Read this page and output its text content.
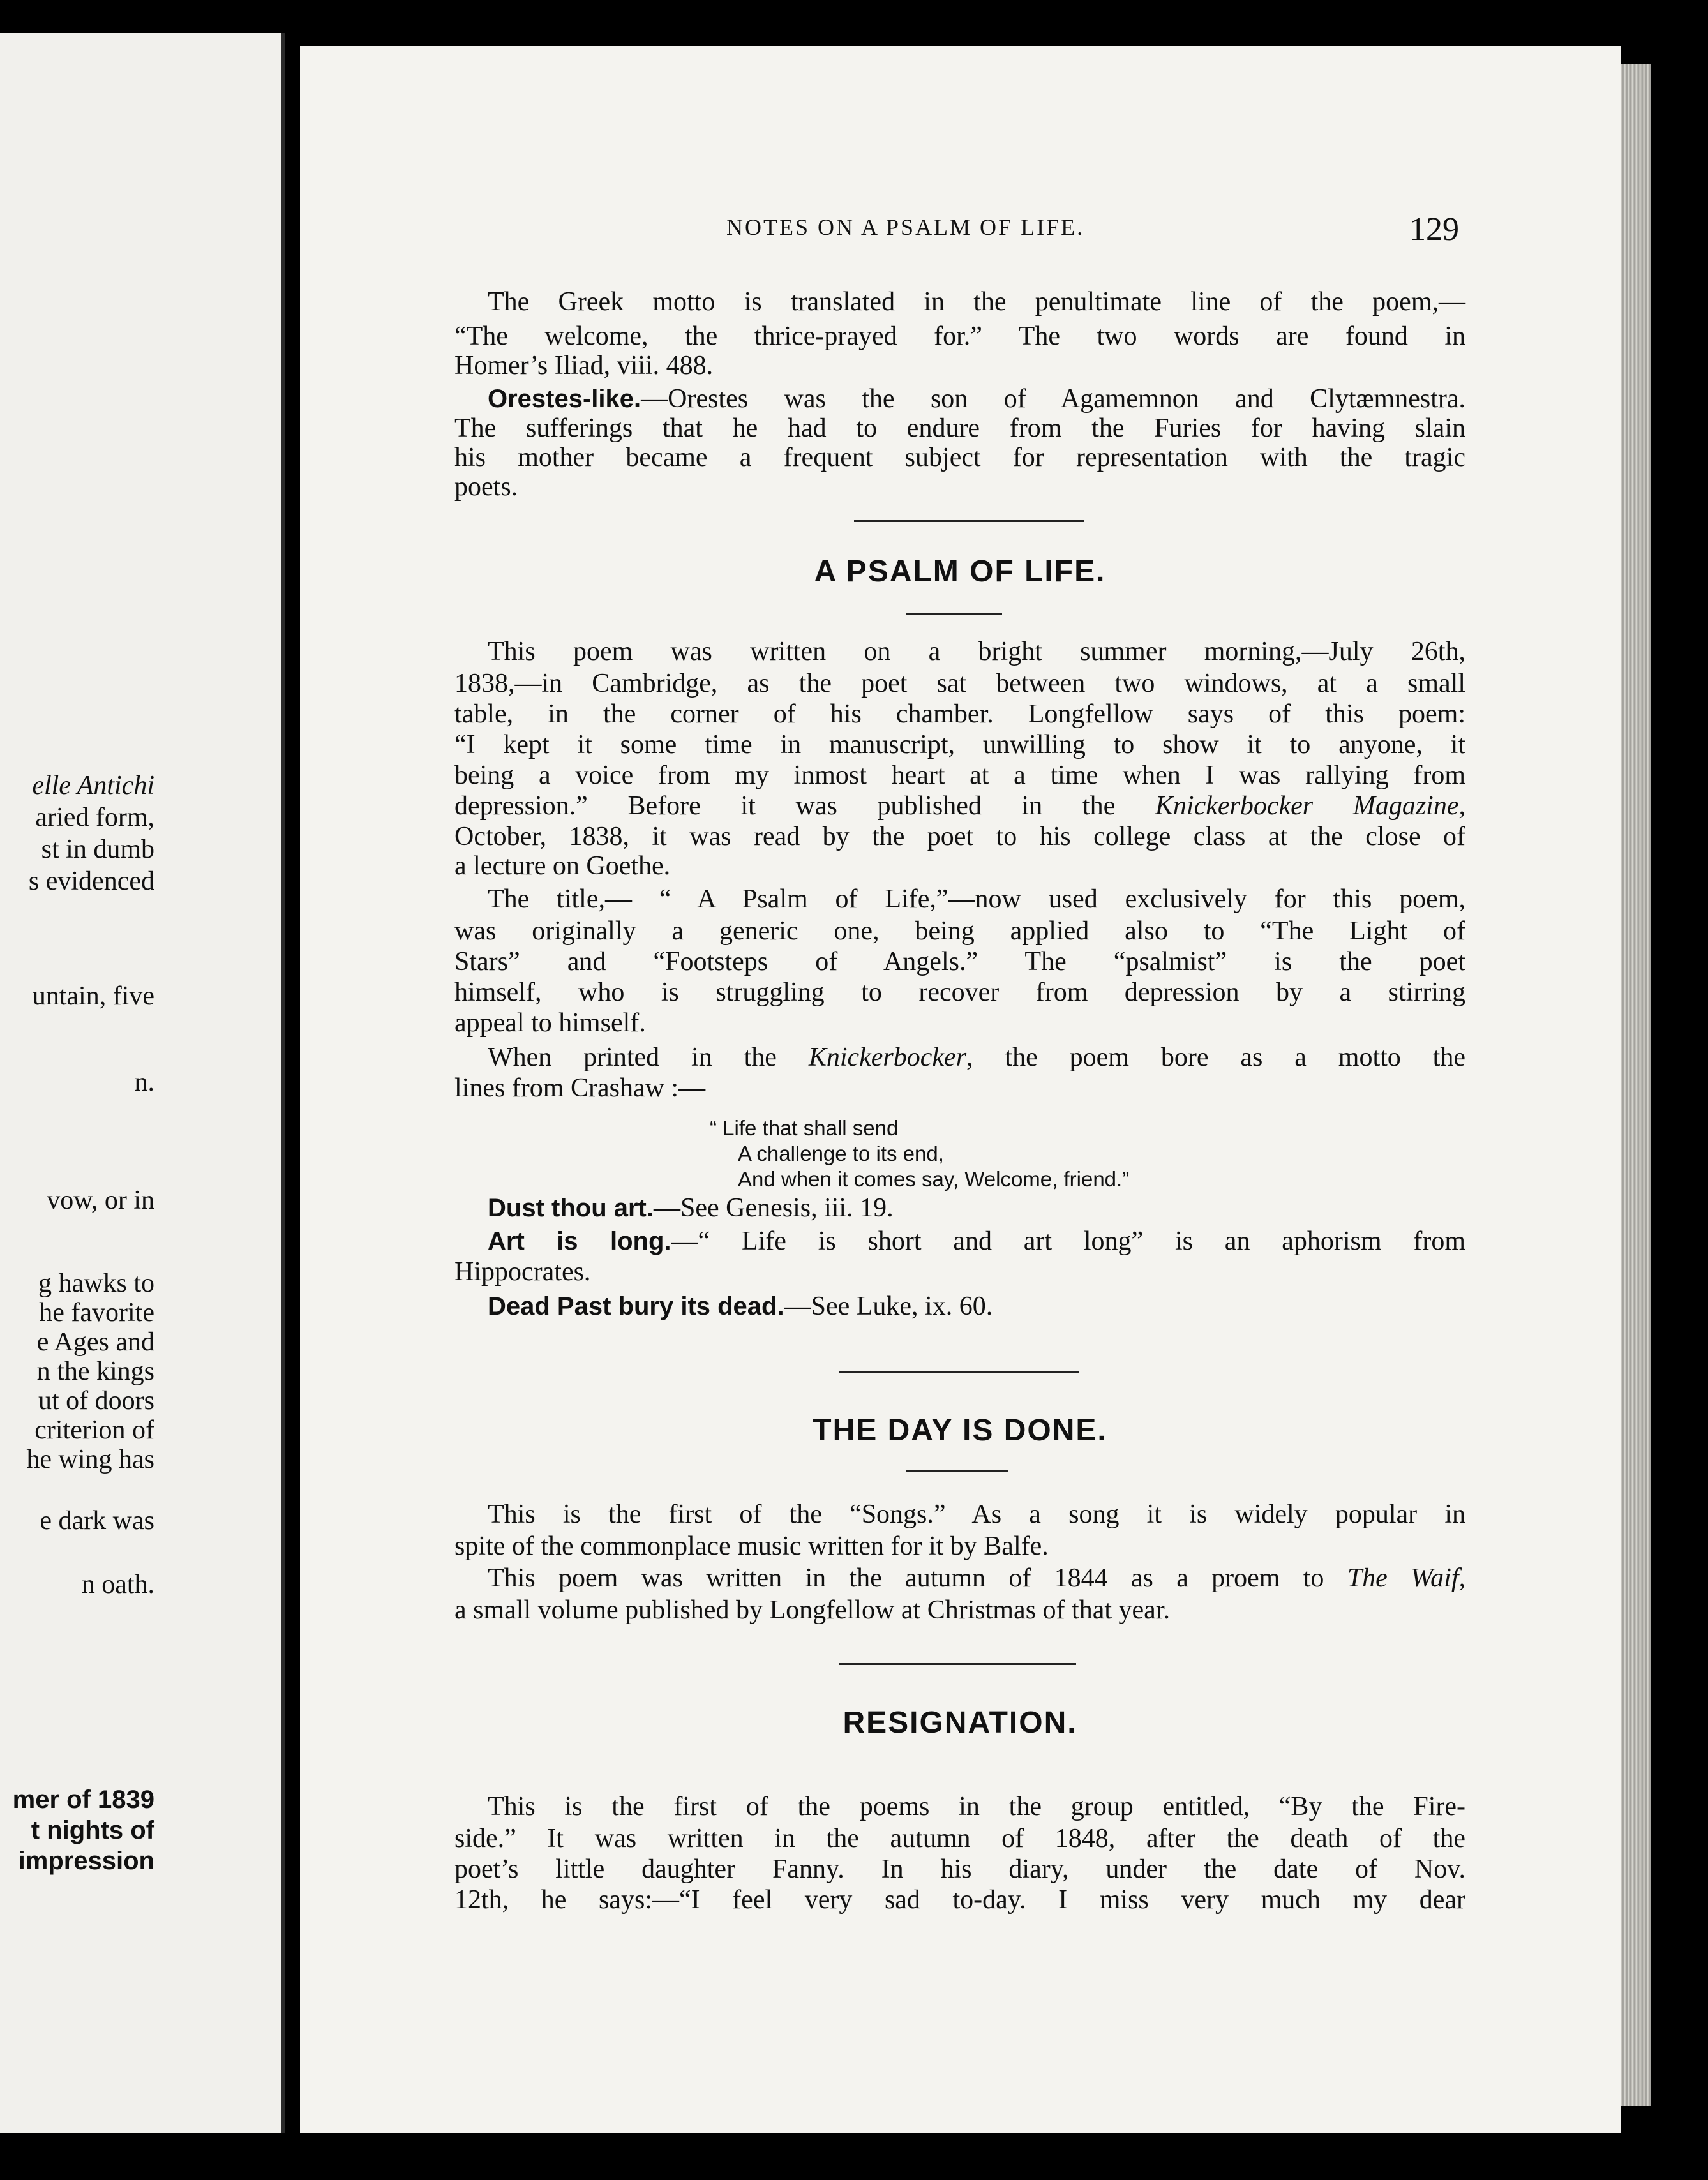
elle Antichi
aried form,
st in dumb
s evidenced
untain, five
n.
vow, or in
g hawks to
he favorite
e Ages and
n the kings
ut of doors
criterion of
he wing has
e dark was
n oath.
mer of 1839
t nights of
impression
NOTES ON A PSALM OF LIFE.	129
The Greek motto is translated in the penultimate line of the poem,—
“The welcome, the thrice-prayed for.” The two words are found in
Homer’s Iliad, viii. 488.
Orestes-like.—Orestes was the son of Agamemnon and Clytæmnestra.
The sufferings that he had to endure from the Furies for having slain
his mother became a frequent subject for representation with the tragic
poets.
This poem was written on a bright summer morning,—July 26th,
1838,—in Cambridge, as the poet sat between two windows, at a small
table, in the corner of his chamber. Longfellow says of this poem:
“I kept it some time in manuscript, unwilling to show it to anyone, it
being a voice from my inmost heart at a time when I was rallying from
depression.” Before it was published in the Knickerbocker Magazine,
October, 1838, it was read by the poet to his college class at the close of
a lecture on Goethe.
The title,— “ A Psalm of Life,”—now used exclusively for this poem,
was originally a generic one, being applied also to “The Light of
Stars” and “Footsteps of Angels.” The “psalmist” is the poet
himself, who is struggling to recover from depression by a stirring
appeal to himself.
When printed in the Knickerbocker, the poem bore as a motto the
lines from Crashaw :—
Dust thou art.—See Genesis, iii. 19.
Art is long.—“ Life is short and art long” is an aphorism from
Hippocrates.
Dead Past bury its dead.—See Luke, ix. 60.
This is the first of the “Songs.” As a song it is widely popular in
spite of the commonplace music written for it by Balfe.
This poem was written in the autumn of 1844 as a proem to The Waif,
a small volume published by Longfellow at Christmas of that year.
This is the first of the poems in the group entitled, “By the Fire-
side.” It was written in the autumn of 1848, after the death of the
poet’s little daughter Fanny. In his diary, under the date of Nov.
12th, he says:—“I feel very sad to-day. I miss very much my dear
A PSALM OF LIFE.
“ Life that shall send
A challenge to its end,
And when it comes say, Welcome, friend.”
THE DAY IS DONE.
RESIGNATION.
